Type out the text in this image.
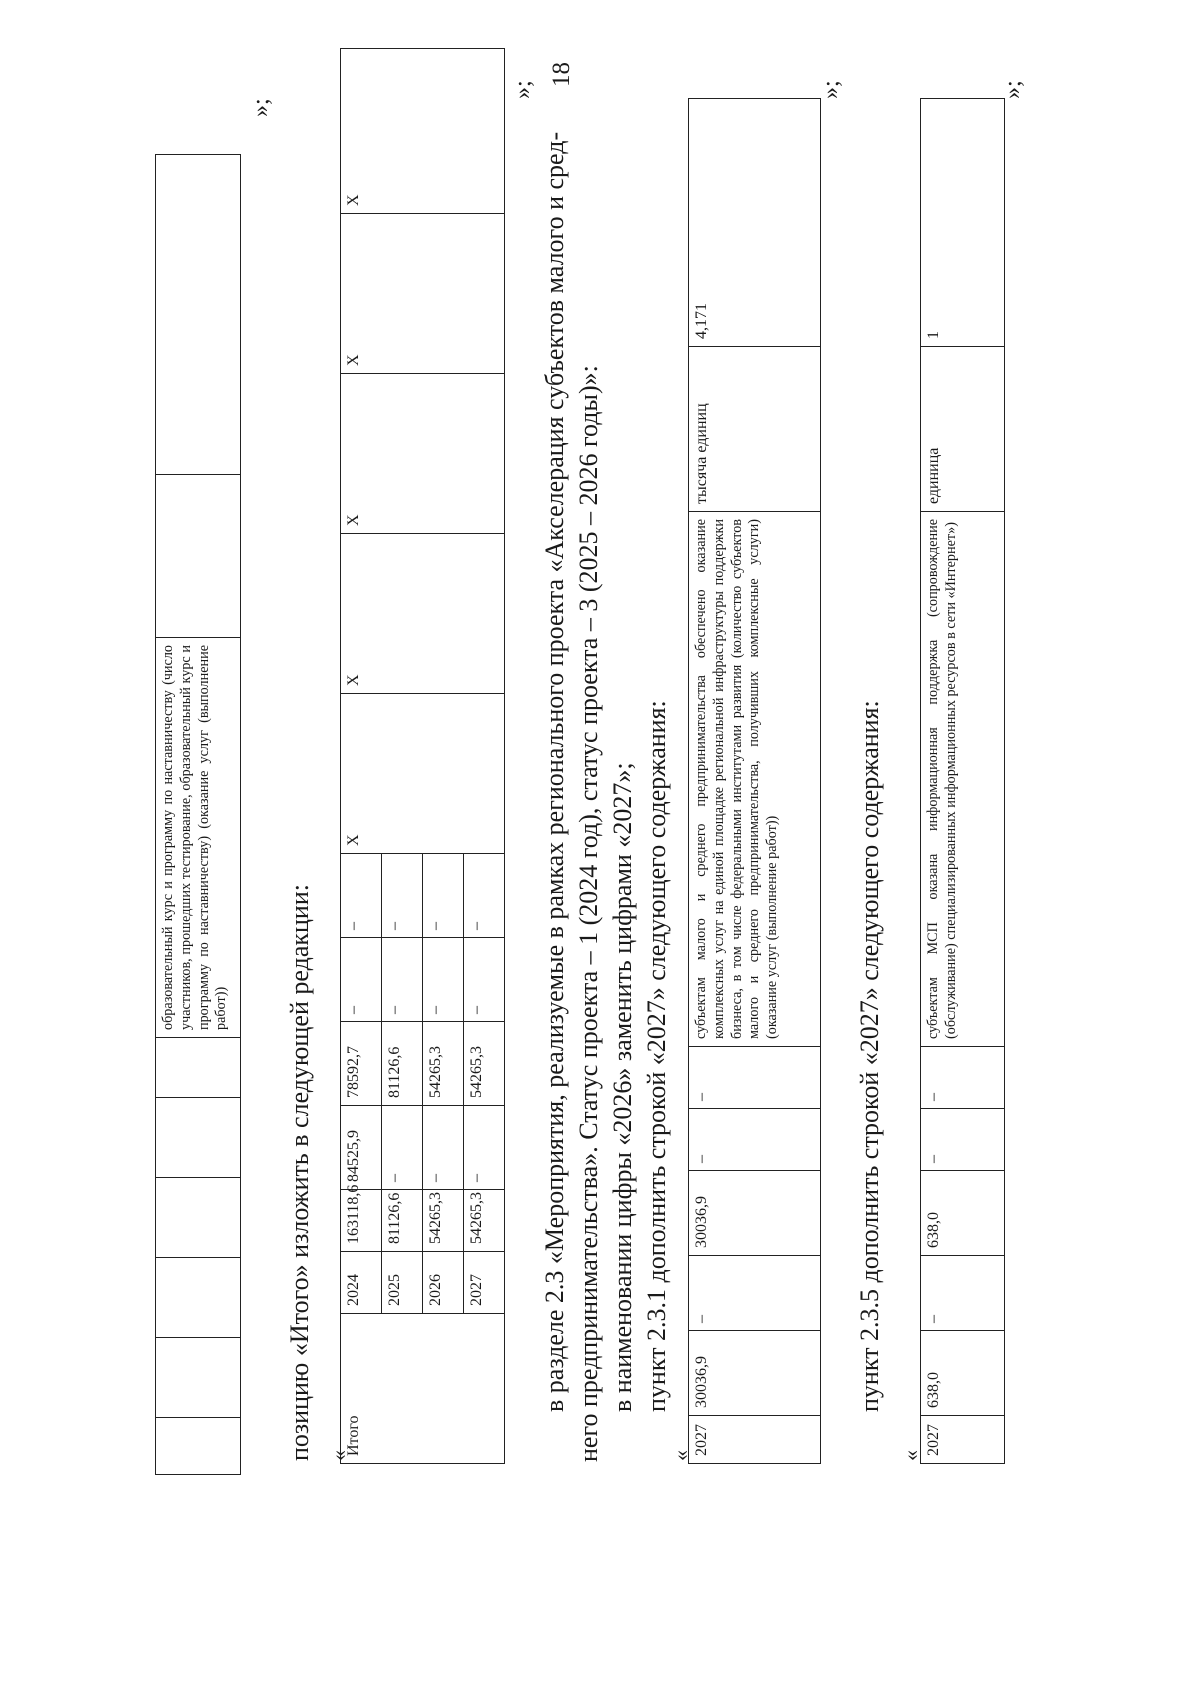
18
						образовательный курс и программу по наставничеству (число участников, прошедших тестирование, образовательный курс и программу по наставничеству) (оказание услуг (выполнение работ))		
»;
позицию «Итого» изложить в следующей редакции: «
Итого	2024	163118,6	84525,9	78592,7	–	–	Х	Х	Х	Х	Х
	2025	81126,6	–	81126,6	–	–					
	2026	54265,3	–	54265,3	–	–					
	2027	54265,3	–	54265,3	–	–					
»;
в разделе 2.3 «Мероприятия, реализуемые в рамках регионального проекта «Акселерация субъектов малого и сред- него предпринимательства». Статус проекта – 1 (2024 год), статус проекта – 3 (2025 – 2026 годы)»: в наименовании цифры «2026» заменить цифрами «2027»; пункт 2.3.1 дополнить строкой «2027» следующего содержания:
« 2027	30036,9	–	30036,9	–	–	субъектам малого и среднего предпринимательства обеспечено оказание комплексных услуг на единой площадке региональной инфраструктуры поддержки бизнеса, в том числе федеральными институтами развития (количество субъектов малого и среднего предпринимательства, получивших комплексные услуги) (оказание услуг (выполнение работ))	тысяча единиц	4,171
»;
пункт 2.3.5 дополнить строкой «2027» следующего содержания:
« 2027	638,0	–	638,0	–	–	субъектам МСП оказана информационная поддержка (сопровождение (обслуживание) специализированных информационных ресурсов в сети «Интернет»)	единица	1
»;
